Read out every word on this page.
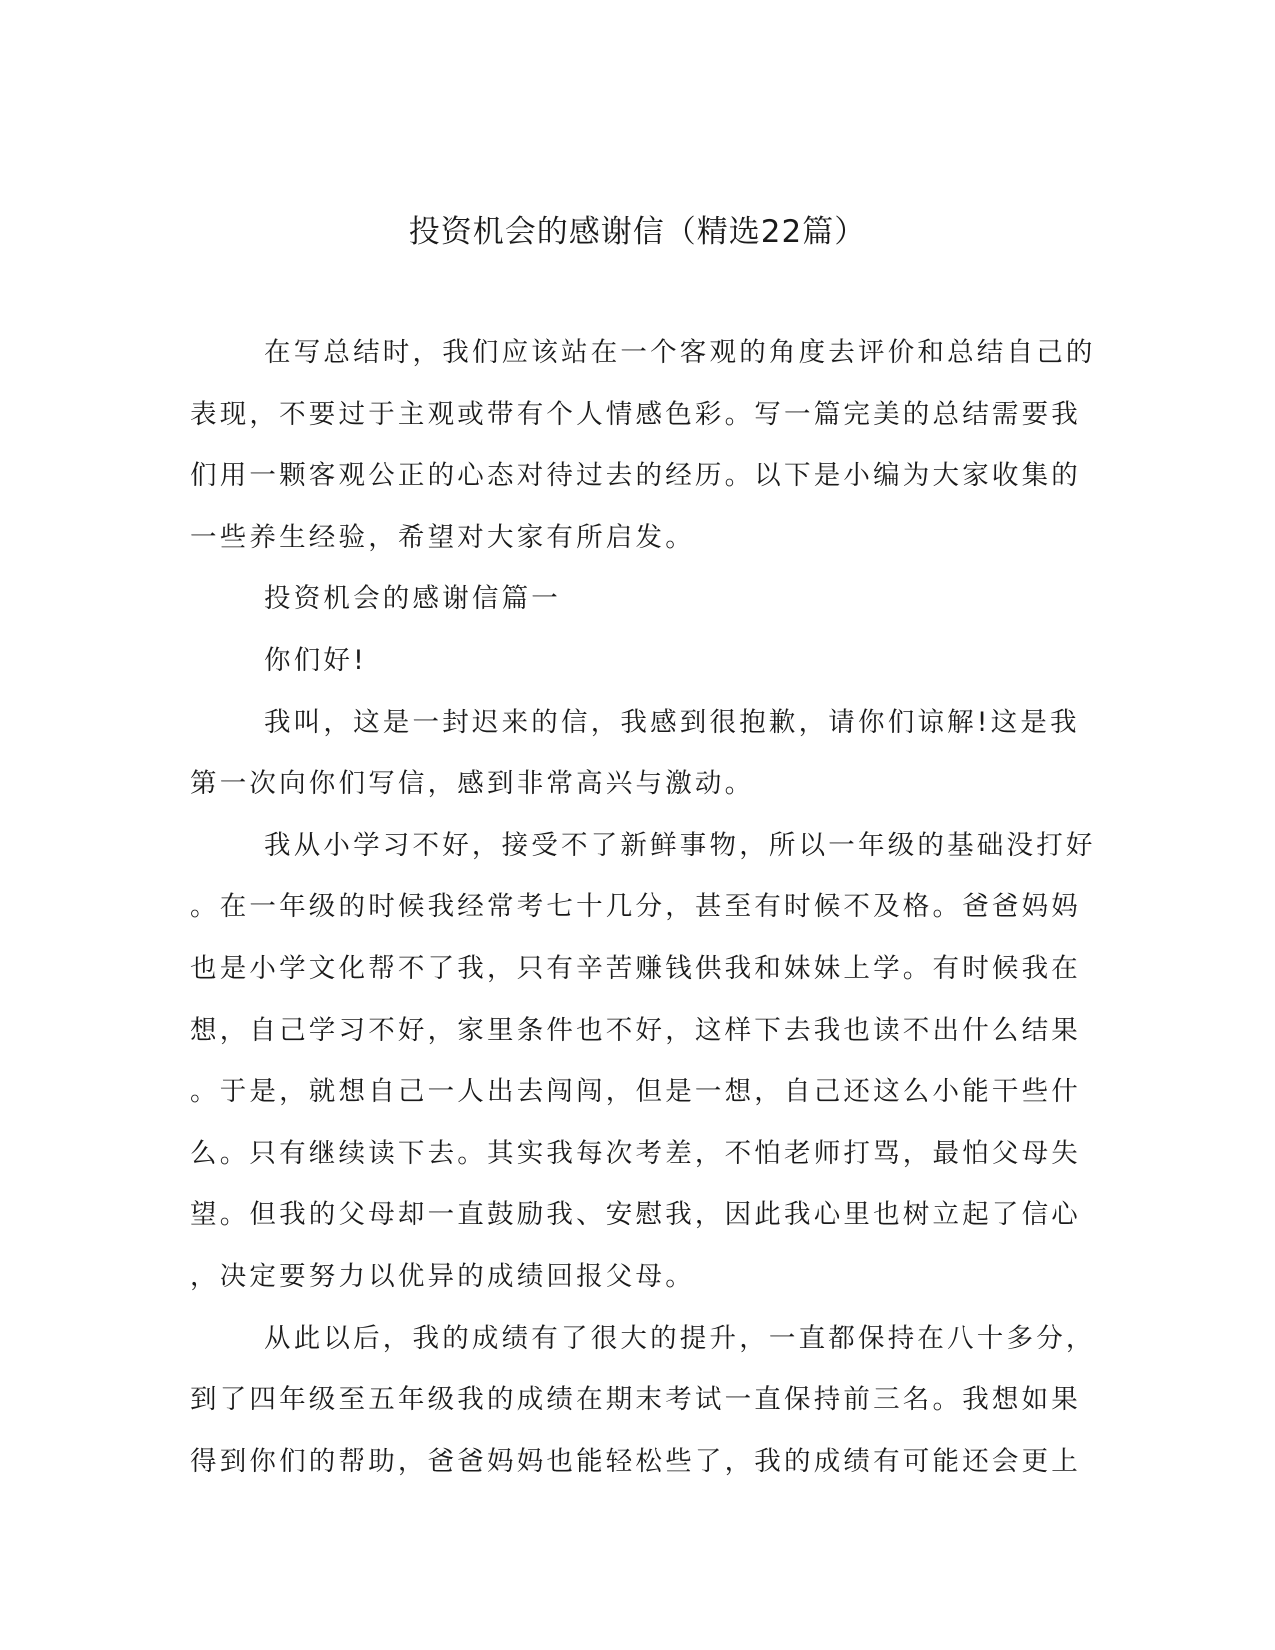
投资机会的感谢信（精选22篇）
在写总结时，我们应该站在一个客观的角度去评价和总结自己的
表现，不要过于主观或带有个人情感色彩。写一篇完美的总结需要我
们用一颗客观公正的心态对待过去的经历。以下是小编为大家收集的
一些养生经验，希望对大家有所启发。
投资机会的感谢信篇一
你们好!
我叫，这是一封迟来的信，我感到很抱歉，请你们谅解!这是我
第一次向你们写信，感到非常高兴与激动。
我从小学习不好，接受不了新鲜事物，所以一年级的基础没打好
。在一年级的时候我经常考七十几分，甚至有时候不及格。爸爸妈妈
也是小学文化帮不了我，只有辛苦赚钱供我和妹妹上学。有时候我在
想，自己学习不好，家里条件也不好，这样下去我也读不出什么结果
。于是，就想自己一人出去闯闯，但是一想，自己还这么小能干些什
么。只有继续读下去。其实我每次考差，不怕老师打骂，最怕父母失
望。但我的父母却一直鼓励我、安慰我，因此我心里也树立起了信心
，决定要努力以优异的成绩回报父母。
从此以后，我的成绩有了很大的提升，一直都保持在八十多分，
到了四年级至五年级我的成绩在期末考试一直保持前三名。我想如果
得到你们的帮助，爸爸妈妈也能轻松些了，我的成绩有可能还会更上
